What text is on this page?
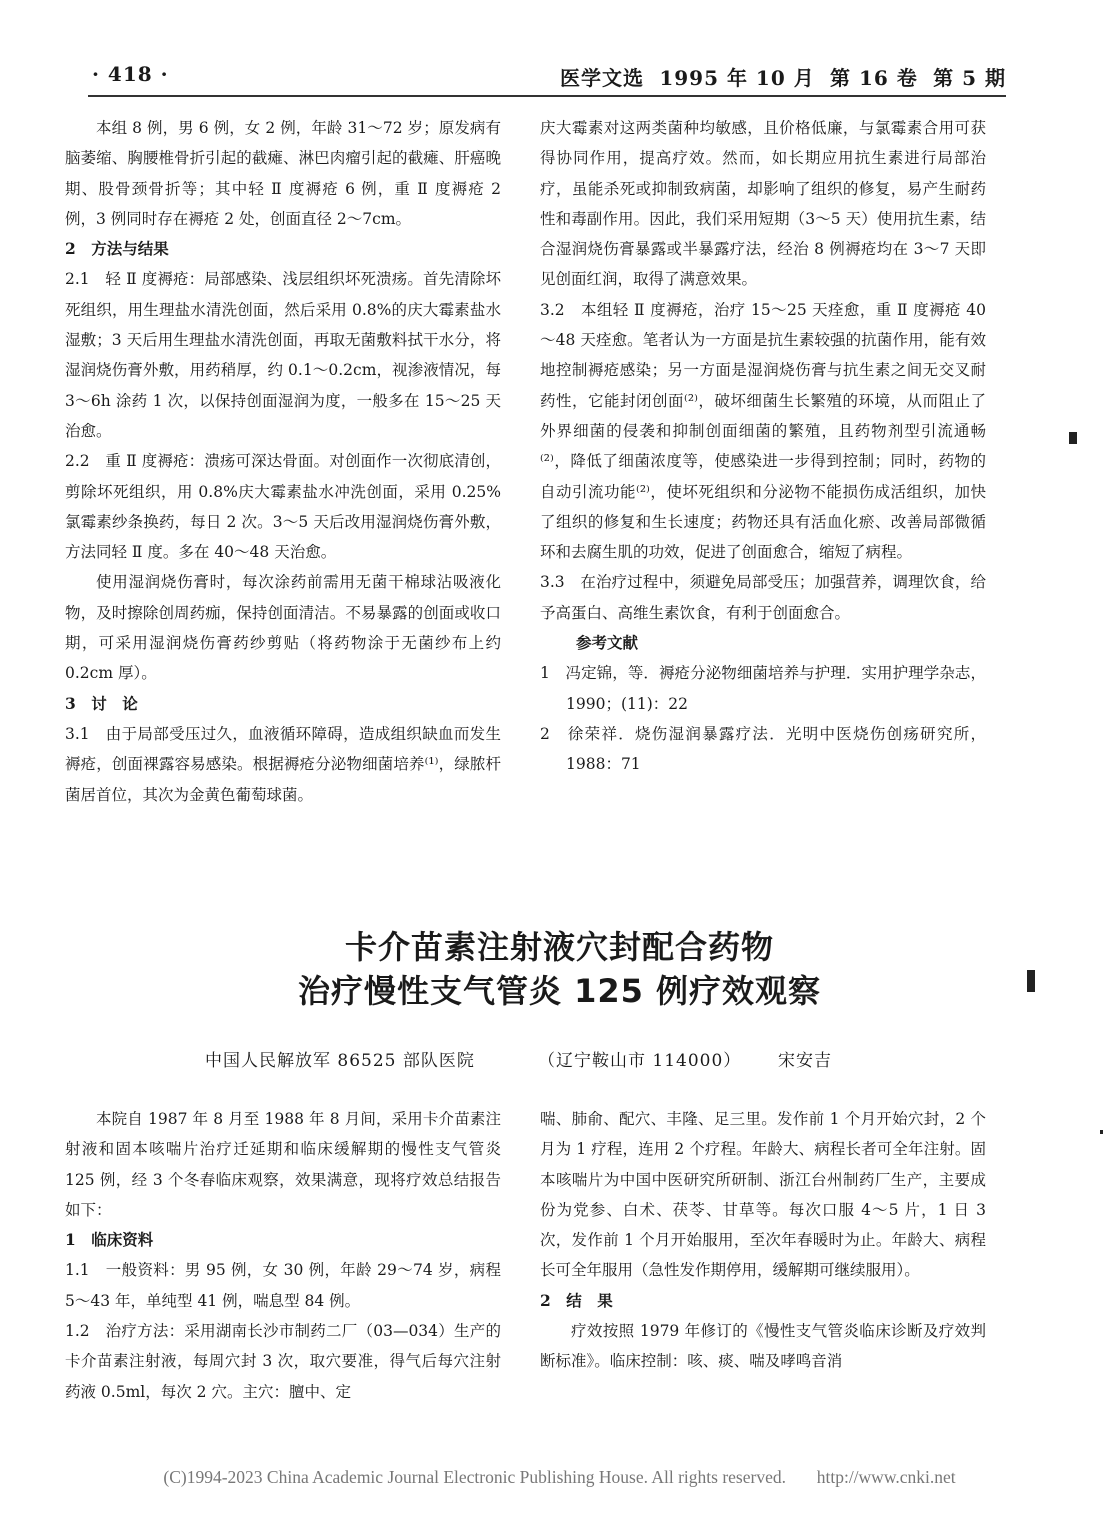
· 418 ·	医学文选 1995 年 10 月 第 16 卷 第 5 期

本组 8 例，男 6 例，女 2 例，年龄 31～72 岁；原发病有脑萎缩、胸腰椎骨折引起的截瘫、淋巴肉瘤引起的截瘫、肝癌晚期、股骨颈骨折等；其中轻 Ⅱ 度褥疮 6 例，重 Ⅱ 度褥疮 2 例，3 例同时存在褥疮 2 处，创面直径 2～7cm。

2　方法与结果

2.1　轻 Ⅱ 度褥疮：局部感染、浅层组织坏死溃疡。首先清除坏死组织，用生理盐水清洗创面，然后采用 0.8%的庆大霉素盐水湿敷；3 天后用生理盐水清洗创面，再取无菌敷料拭干水分，将湿润烧伤膏外敷，用药稍厚，约 0.1～0.2cm，视渗液情况，每 3～6h 涂药 1 次，以保持创面湿润为度，一般多在 15～25 天治愈。

2.2　重 Ⅱ 度褥疮：溃疡可深达骨面。对创面作一次彻底清创，剪除坏死组织，用 0.8%庆大霉素盐水冲洗创面，采用 0.25%氯霉素纱条换药，每日 2 次。3～5 天后改用湿润烧伤膏外敷，方法同轻 Ⅱ 度。多在 40～48 天治愈。

使用湿润烧伤膏时，每次涂药前需用无菌干棉球沾吸液化物，及时擦除创周药痂，保持创面清洁。不易暴露的创面或收口期，可采用湿润烧伤膏药纱剪贴（将药物涂于无菌纱布上约 0.2cm 厚）。

3　讨　论

3.1　由于局部受压过久，血液循环障碍，造成组织缺血而发生褥疮，创面裸露容易感染。根据褥疮分泌物细菌培养⁽¹⁾，绿脓杆菌居首位，其次为金黄色葡萄球菌。

庆大霉素对这两类菌种均敏感，且价格低廉，与氯霉素合用可获得协同作用，提高疗效。然而，如长期应用抗生素进行局部治疗，虽能杀死或抑制致病菌，却影响了组织的修复，易产生耐药性和毒副作用。因此，我们采用短期（3～5 天）使用抗生素，结合湿润烧伤膏暴露或半暴露疗法，经治 8 例褥疮均在 3～7 天即见创面红润，取得了满意效果。

3.2　本组轻 Ⅱ 度褥疮，治疗 15～25 天痊愈，重 Ⅱ 度褥疮 40～48 天痊愈。笔者认为一方面是抗生素较强的抗菌作用，能有效地控制褥疮感染；另一方面是湿润烧伤膏与抗生素之间无交叉耐药性，它能封闭创面⁽²⁾，破坏细菌生长繁殖的环境，从而阻止了外界细菌的侵袭和抑制创面细菌的繁殖，且药物剂型引流通畅⁽²⁾，降低了细菌浓度等，使感染进一步得到控制；同时，药物的自动引流功能⁽²⁾，使坏死组织和分泌物不能损伤成活组织，加快了组织的修复和生长速度；药物还具有活血化瘀、改善局部微循环和去腐生肌的功效，促进了创面愈合，缩短了病程。

3.3　在治疗过程中，须避免局部受压；加强营养，调理饮食，给予高蛋白、高维生素饮食，有利于创面愈合。

参考文献

1　冯定锦，等．褥疮分泌物细菌培养与护理．实用护理学杂志，1990；(11)：22

2　徐荣祥．烧伤湿润暴露疗法．光明中医烧伤创疡研究所，1988：71

卡介苗素注射液穴封配合药物
治疗慢性支气管炎 125 例疗效观察
中国人民解放军 86525 部队医院	（辽宁鞍山市 114000） 宋安吉

本院自 1987 年 8 月至 1988 年 8 月间，采用卡介苗素注射液和固本咳喘片治疗迁延期和临床缓解期的慢性支气管炎 125 例，经 3 个冬春临床观察，效果满意，现将疗效总结报告如下：

1　临床资料

1.1　一般资料：男 95 例，女 30 例，年龄 29～74 岁，病程 5～43 年，单纯型 41 例，喘息型 84 例。

1.2　治疗方法：采用湖南长沙市制药二厂（03—034）生产的卡介苗素注射液，每周穴封 3 次，取穴要准，得气后每穴注射药液 0.5ml，每次 2 穴。主穴：膻中、定

喘、肺俞、配穴、丰隆、足三里。发作前 1 个月开始穴封，2 个月为 1 疗程，连用 2 个疗程。年龄大、病程长者可全年注射。固本咳喘片为中国中医研究所研制、浙江台州制药厂生产，主要成份为党参、白术、茯苓、甘草等。每次口服 4～5 片，1 日 3 次，发作前 1 个月开始服用，至次年春暖时为止。年龄大、病程长可全年服用（急性发作期停用，缓解期可继续服用）。

2　结　果

疗效按照 1979 年修订的《慢性支气管炎临床诊断及疗效判断标准》。临床控制：咳、痰、喘及哮鸣音消

(C)1994-2023 China Academic Journal Electronic Publishing House. All rights reserved. http://www.cnki.net
